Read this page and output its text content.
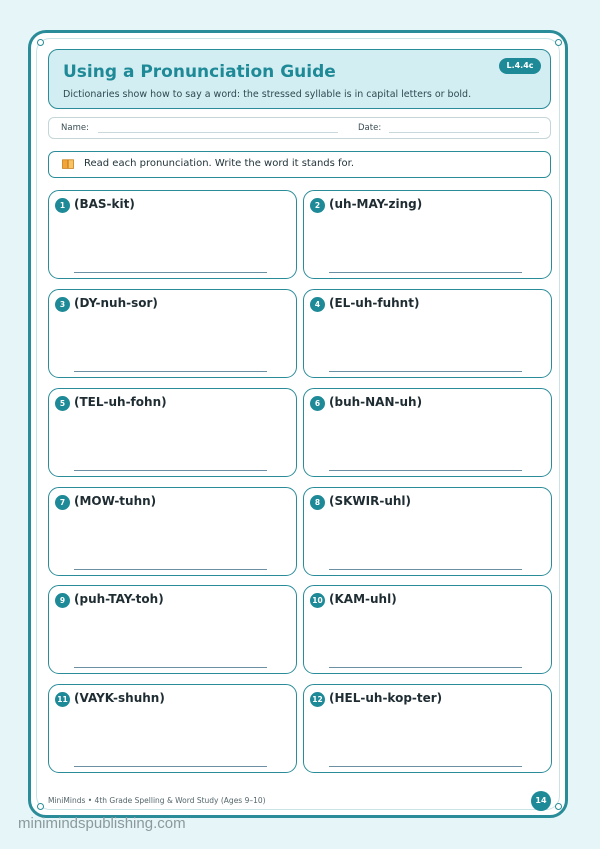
Using a Pronunciation Guide

Dictionaries show how to say a word: the stressed syllable is in capital letters or bold.

L.4.4c
Name:	Date:
Read each pronunciation. Write the word it stands for.
1 (BAS-kit)	2 (uh-MAY-zing)
3 (DY-nuh-sor)	4 (EL-uh-fuhnt)
5 (TEL-uh-fohn)	6 (buh-NAN-uh)
7 (MOW-tuhn)	8 (SKWIR-uhl)
9 (puh-TAY-toh)	10 (KAM-uhl)
11 (VAYK-shuhn)	12 (HEL-uh-kop-ter)
MiniMinds • 4th Grade Spelling & Word Study (Ages 9–10)	14
minimindspublishing.com
